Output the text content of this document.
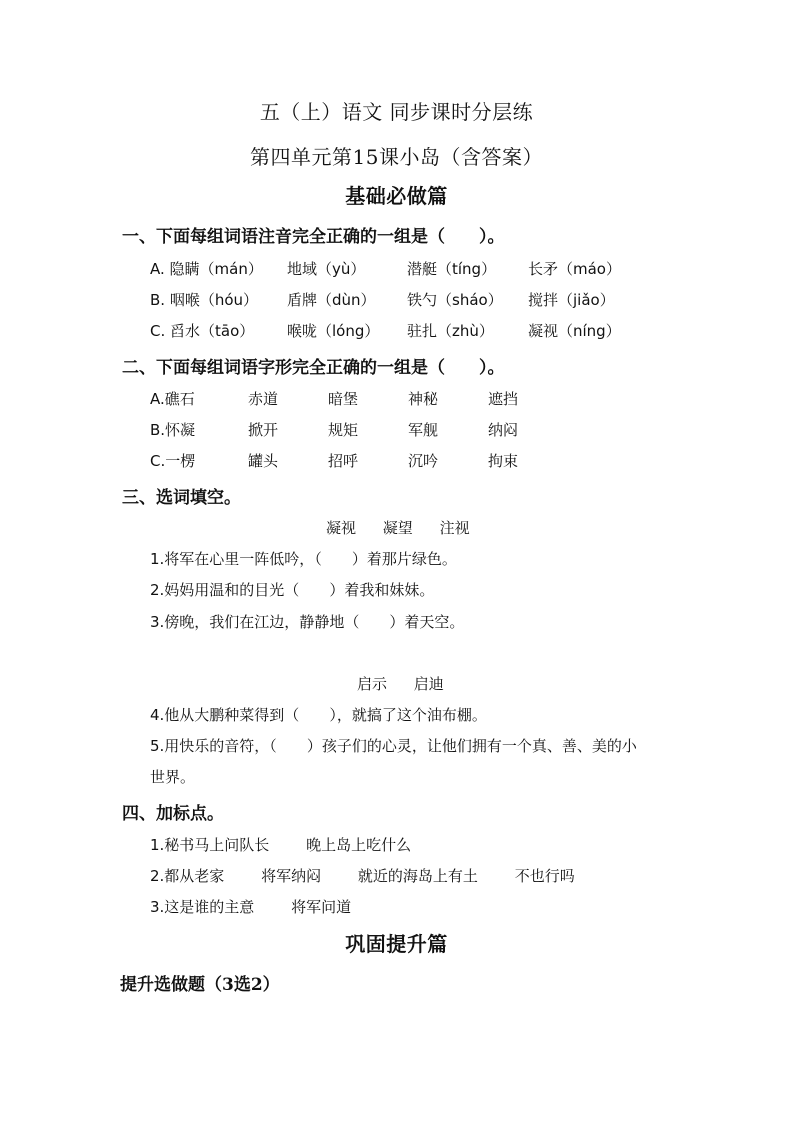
五（上）语文 同步课时分层练
第四单元第15课小岛（含答案）
基础必做篇
一、下面每组词语注音完全正确的一组是（　　）。
A. 隐瞒（mán） 地域（yù）	潜艇（tíng） 长矛（máo）
B. 咽喉（hóu） 盾牌（dùn） 铁勺（sháo） 搅拌（jiǎo）
C. 舀水（tāo） 喉咙（lóng） 驻扎（zhù） 凝视（níng）
二、下面每组词语字形完全正确的一组是（　　）。
A.礁石	赤道	暗堡	神秘	遮挡
B.怀凝	掀开	规矩	军舰	纳闷
C.一楞	罐头	招呼	沉吟	拘束
三、选词填空。
凝视 凝望 注视
1.将军在心里一阵低吟，（　　）着那片绿色。
2.妈妈用温和的目光（　　）着我和妹妹。
3.傍晚，我们在江边，静静地（　　）着天空。
启示 启迪
4.他从大鹏种菜得到（　　），就搞了这个油布棚。
5.用快乐的音符，（　　）孩子们的心灵，让他们拥有一个真、善、美的小
世界。
四、加标点。
1.秘书马上问队长 晚上岛上吃什么
2.都从老家 将军纳闷 就近的海岛上有土 不也行吗
3.这是谁的主意 将军问道
巩固提升篇
提升选做题（3选2）
